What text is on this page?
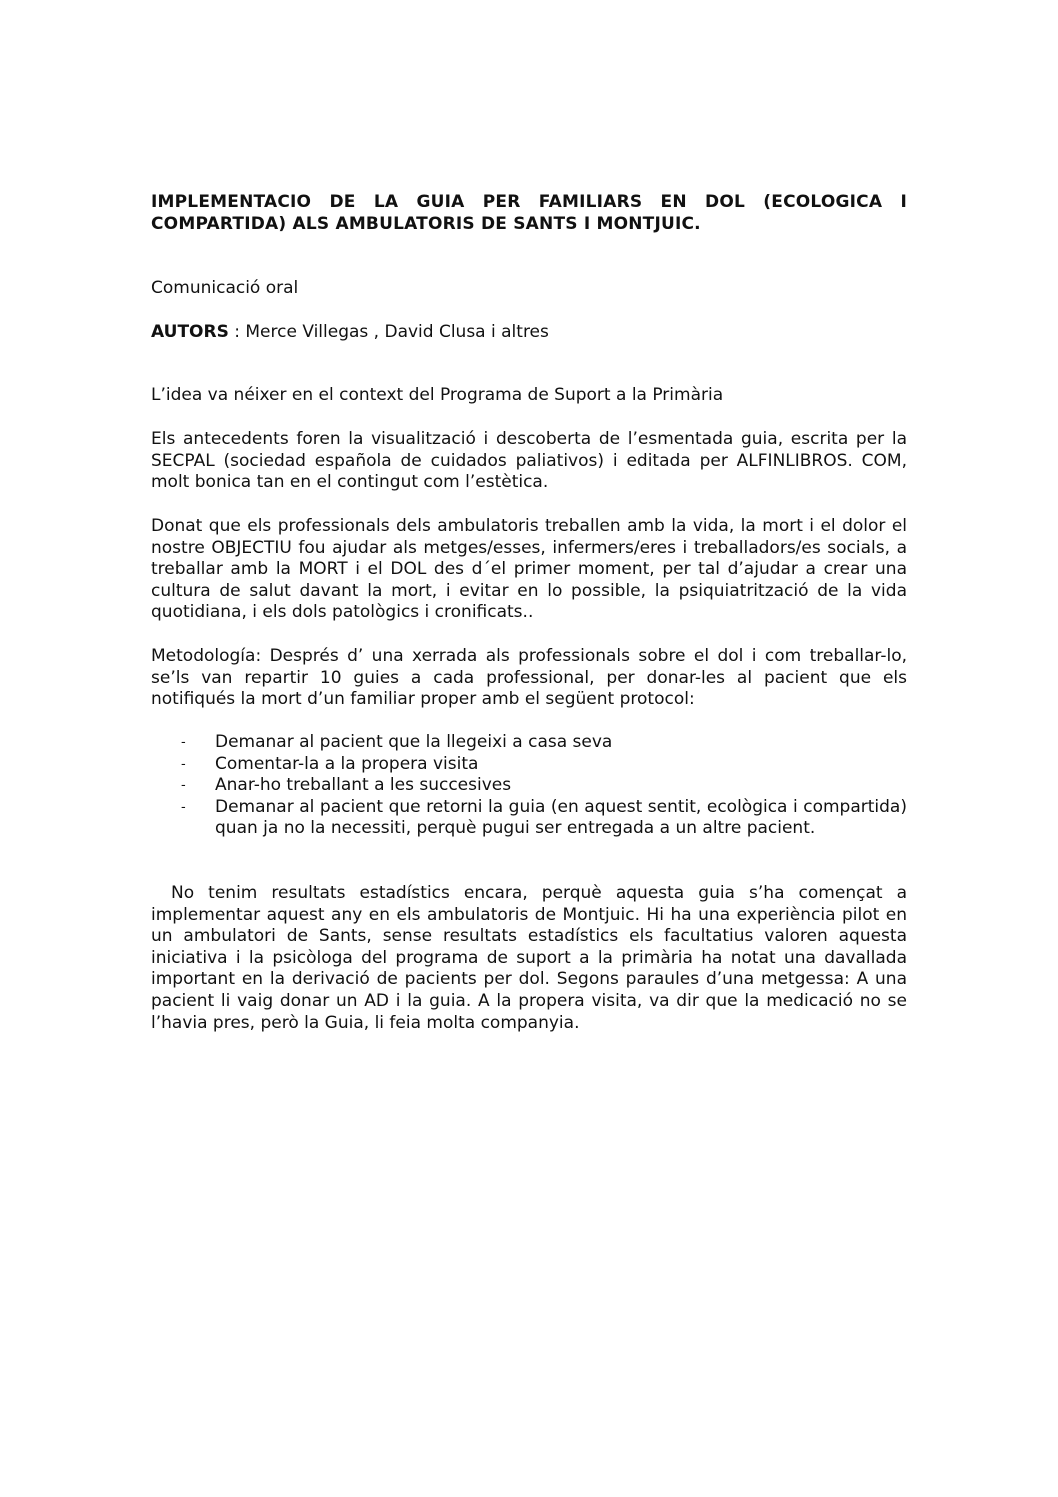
IMPLEMENTACIO DE LA GUIA PER FAMILIARS EN DOL (ECOLOGICA I COMPARTIDA) ALS AMBULATORIS DE SANTS I MONTJUIC.

Comunicació oral

AUTORS : Merce Villegas , David Clusa i altres

L’idea va néixer en el context del Programa de Suport a la Primària

Els antecedents foren la visualització i descoberta de l’esmentada guia, escrita per la SECPAL (sociedad española de cuidados paliativos) i editada per ALFINLIBROS. COM, molt bonica tan en el contingut com l’estètica.

Donat que els professionals dels ambulatoris treballen amb la vida, la mort i el dolor el nostre OBJECTIU fou ajudar als metges/esses, infermers/eres i treballadors/es socials, a treballar amb la MORT i el DOL des d´el primer moment, per tal d’ajudar a crear una cultura de salut davant la mort, i evitar en lo possible, la psiquiatrització de la vida quotidiana, i els dols patològics i cronificats..

Metodología: Després d’ una xerrada als professionals sobre el dol i com treballar-lo, se’ls van repartir 10 guies a cada professional, per donar-les al pacient que els notifiqués la mort d’un familiar proper amb el següent protocol:

- Demanar al pacient que la llegeixi a casa seva
- Comentar-la a la propera visita
- Anar-ho treballant a les succesives
- Demanar al pacient que retorni la guia (en aquest sentit, ecològica i compartida) quan ja no la necessiti, perquè pugui ser entregada a un altre pacient.

No tenim resultats estadístics encara, perquè aquesta guia s’ha començat a implementar aquest any en els ambulatoris de Montjuic. Hi ha una experiència pilot en un ambulatori de Sants, sense resultats estadístics els facultatius valoren aquesta iniciativa i la psicòloga del programa de suport a la primària ha notat una davallada important en la derivació de pacients per dol. Segons paraules d’una metgessa: A una pacient li vaig donar un AD i la guia. A la propera visita, va dir que la medicació no se l’havia pres, però la Guia, li feia molta companyia.
